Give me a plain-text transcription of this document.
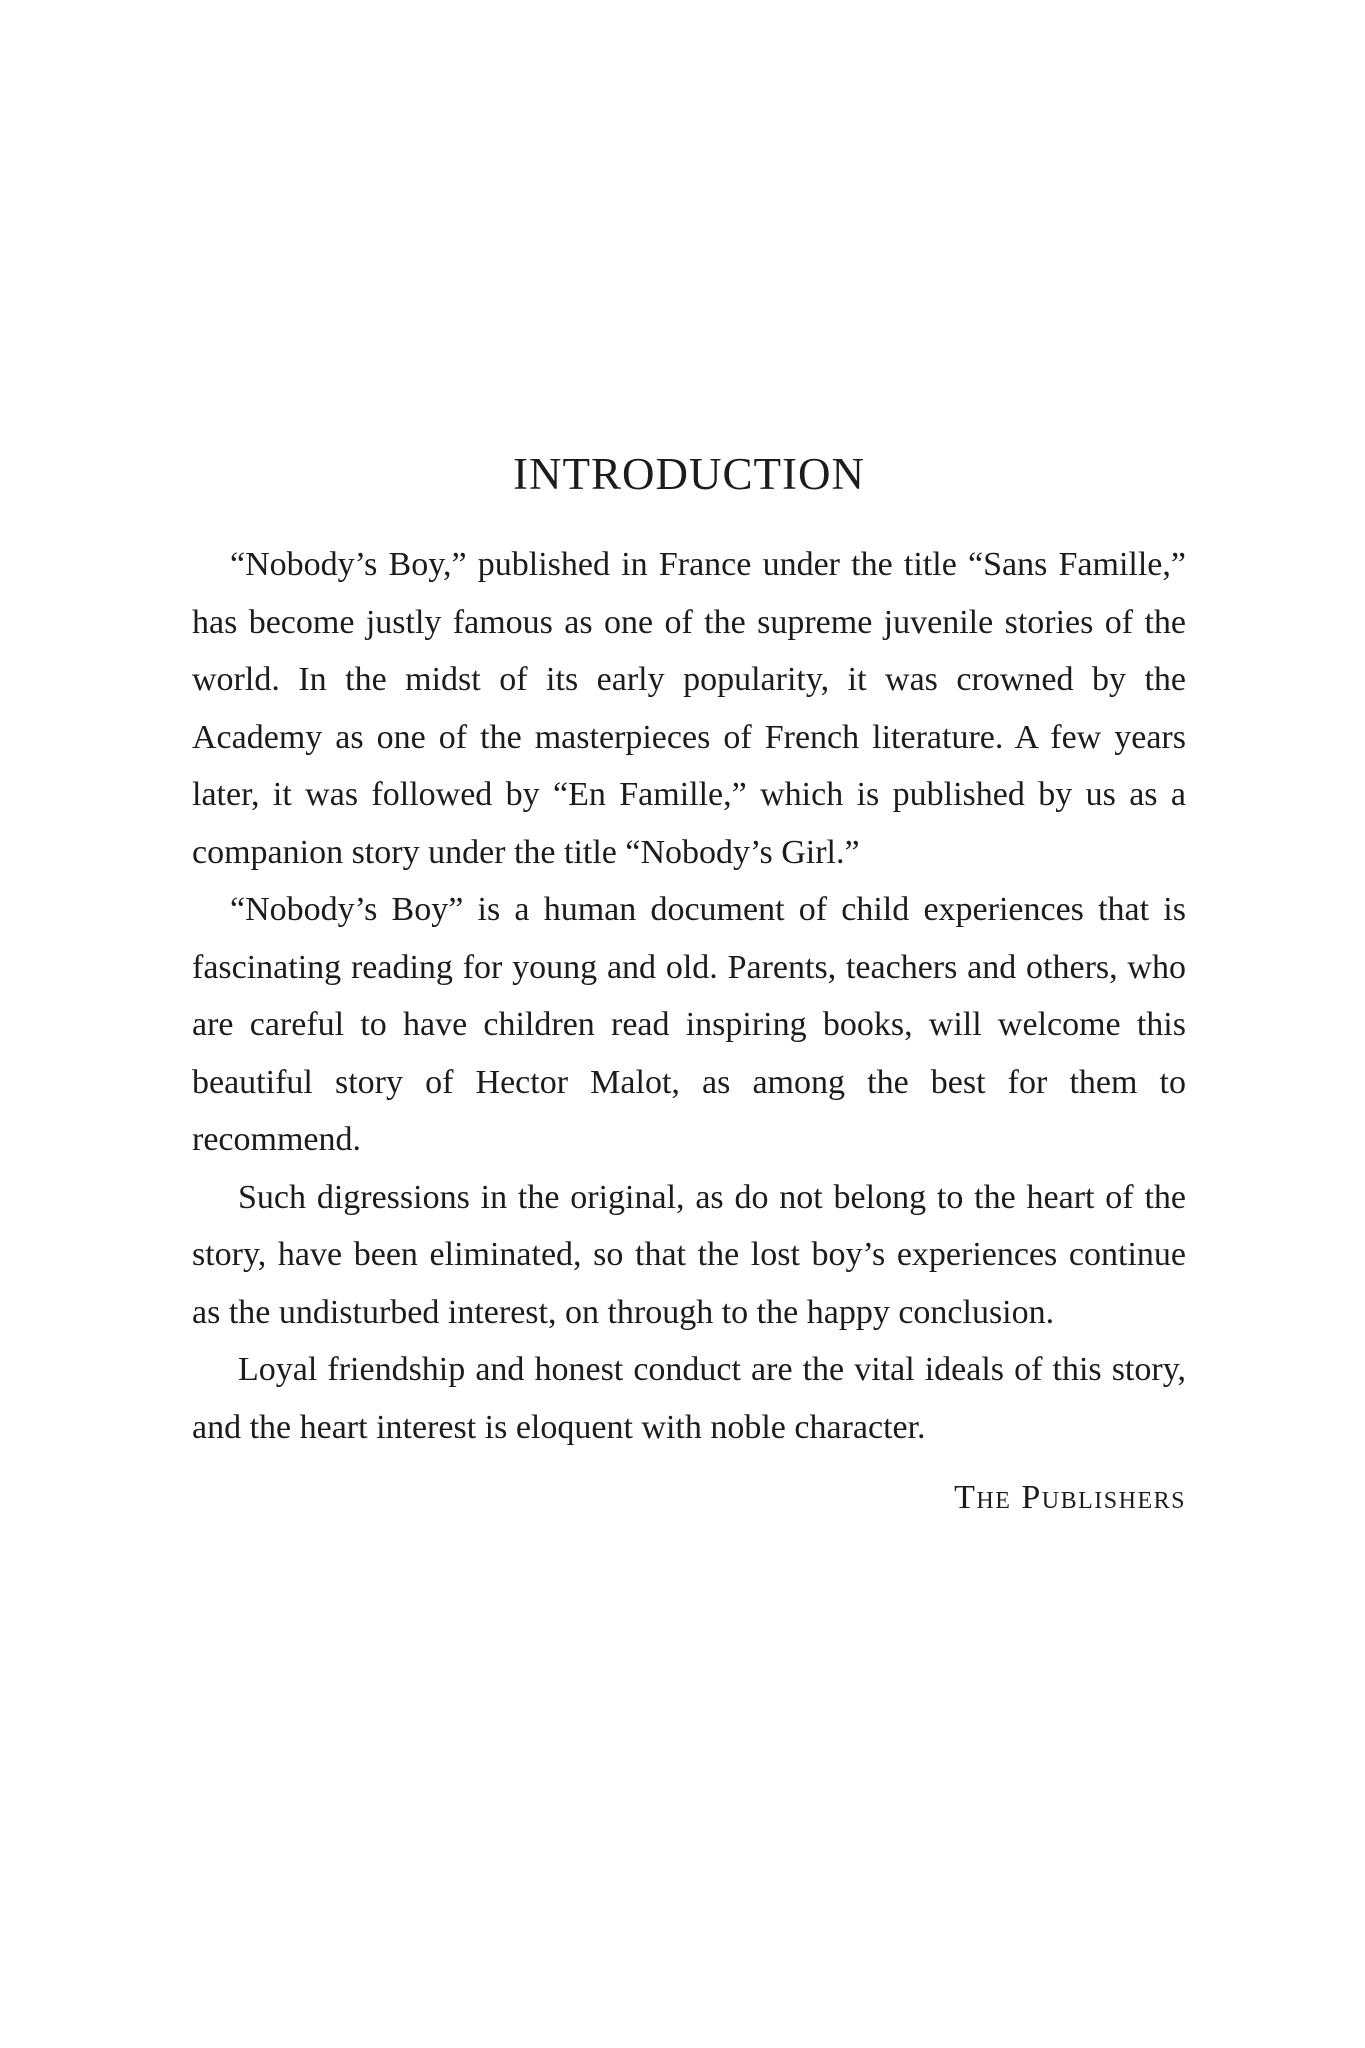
INTRODUCTION

“Nobody’s Boy,” published in France under the title “Sans Famille,” has become justly famous as one of the supreme juvenile stories of the world. In the midst of its early popularity, it was crowned by the Academy as one of the masterpieces of French literature. A few years later, it was followed by “En Famille,” which is published by us as a companion story under the title “Nobody’s Girl.”

“Nobody’s Boy” is a human document of child experiences that is fascinating reading for young and old. Parents, teachers and others, who are careful to have children read inspiring books, will welcome this beautiful story of Hector Malot, as among the best for them to recommend.

Such digressions in the original, as do not belong to the heart of the story, have been eliminated, so that the lost boy’s experiences continue as the undisturbed interest, on through to the happy conclusion.

Loyal friendship and honest conduct are the vital ideals of this story, and the heart interest is eloquent with noble character.

The Publishers
